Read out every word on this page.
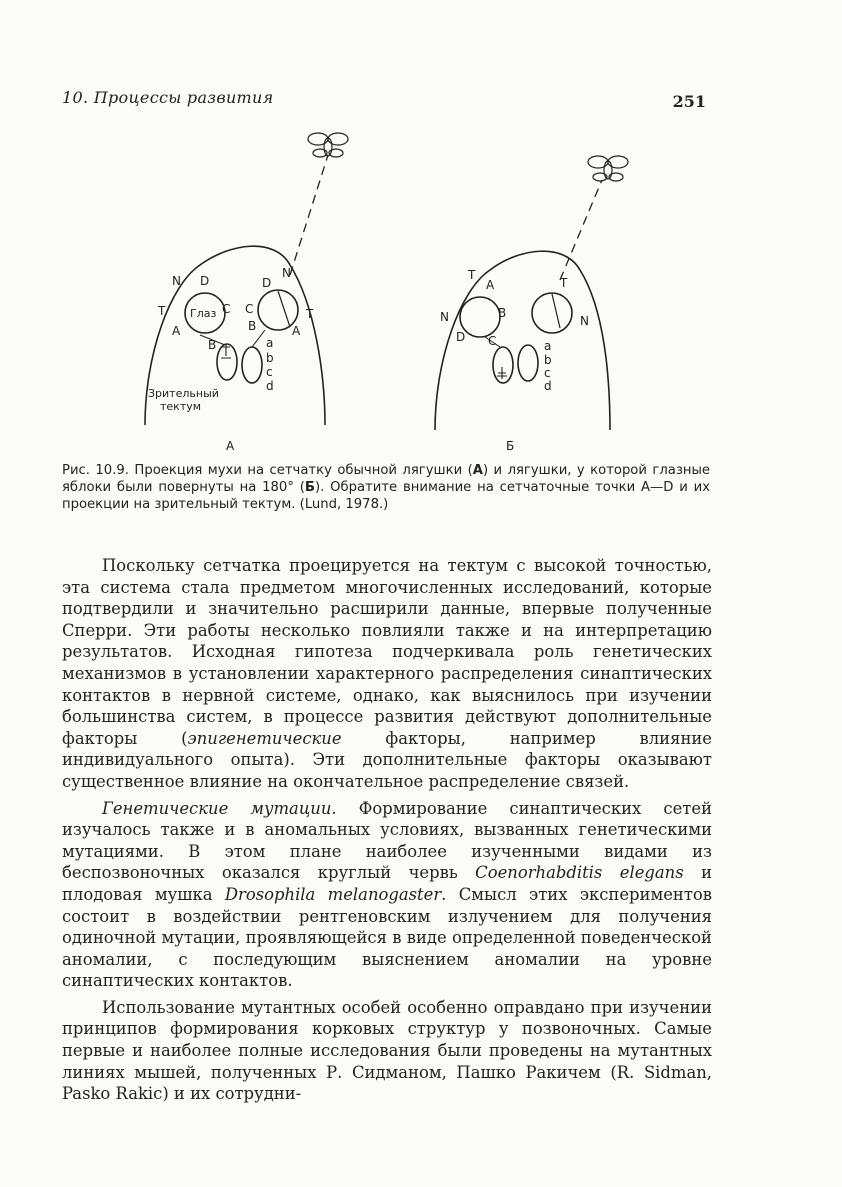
10. Процессы развития	251
N D
T Глаз C
A
B
D
N
C
B	A
T
a
b
c
d
Зрительный
тектум
А
T
A
N	B
D C
T
N
a
b
c
d
Б
Рис. 10.9. Проекция мухи на сетчатку обычной лягушки (А) и лягушки, у которой глазные яблоки были повернуты на 180° (Б). Обратите внимание на сетчаточные точки А—D и их проекции на зрительный тектум. (Lund, 1978.)

Поскольку сетчатка проецируется на тектум с высокой точностью, эта система стала предметом многочисленных исследований, которые подтвердили и значительно расширили данные, впервые полученные Сперри. Эти работы несколько повлияли также и на интерпретацию результатов. Исходная гипотеза подчеркивала роль генетических механизмов в установлении характерного распределения синаптических контактов в нервной системе, однако, как выяснилось при изучении большинства систем, в процессе развития действуют дополнительные факторы (эпигенетические факторы, например влияние индивидуального опыта). Эти дополнительные факторы оказывают существенное влияние на окончательное распределение связей.

Генетические мутации. Формирование синаптических сетей изучалось также и в аномальных условиях, вызванных генетическими мутациями. В этом плане наиболее изученными видами из беспозвоночных оказался круглый червь Coenorhabditis elegans и плодовая мушка Drosophila melanogaster. Смысл этих экспериментов состоит в воздействии рентгеновским излучением для получения одиночной мутации, проявляющейся в виде определенной поведенческой аномалии, с последующим выяснением аномалии на уровне синаптических контактов.

Использование мутантных особей особенно оправдано при изучении принципов формирования корковых структур у позвоночных. Самые первые и наиболее полные исследования были проведены на мутантных линиях мышей, полученных Р. Сидманом, Пашко Ракичем (R. Sidman, Pasko Rakic) и их сотрудни-
